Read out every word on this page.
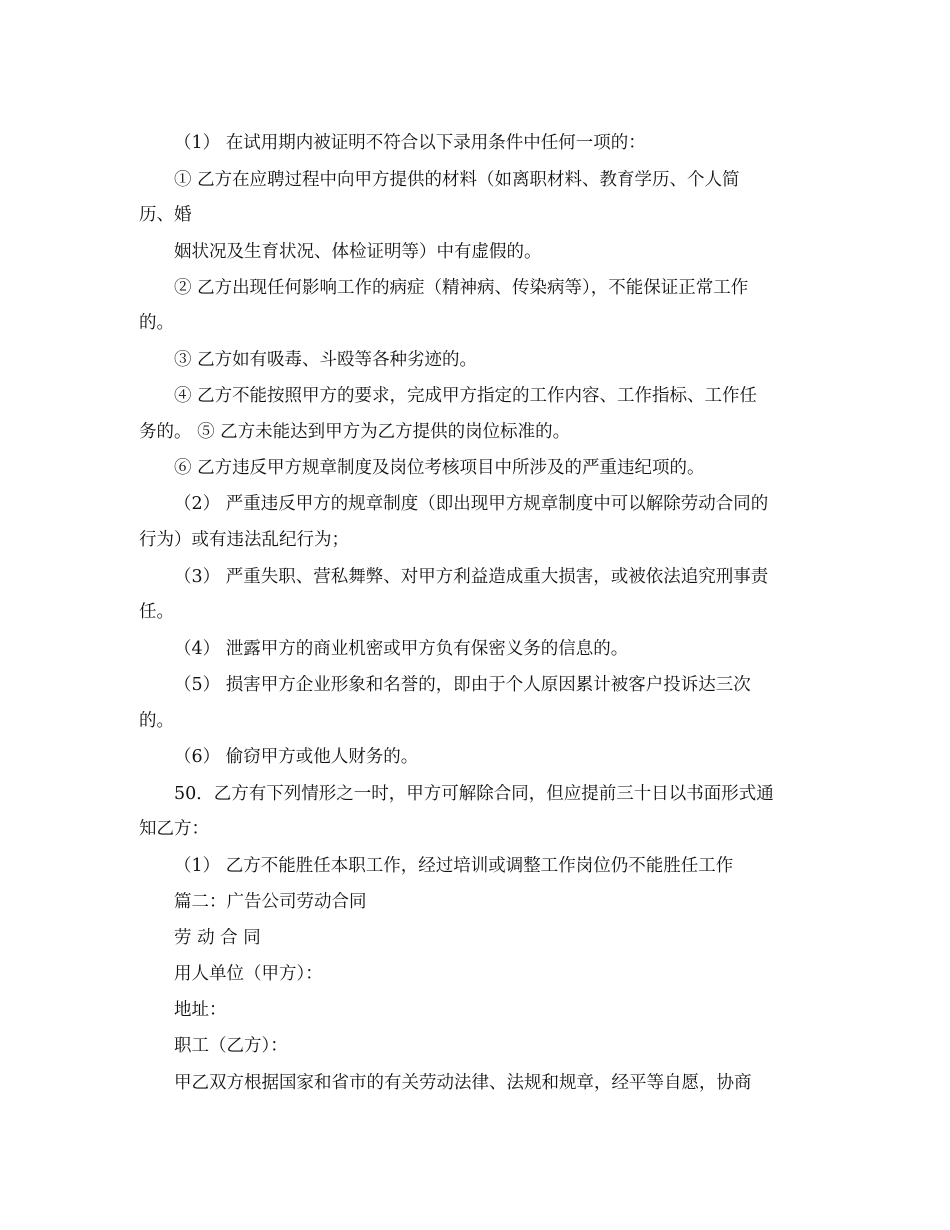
（1） 在试用期内被证明不符合以下录用条件中任何一项的：
① 乙方在应聘过程中向甲方提供的材料（如离职材料、教育学历、个人简
历、婚
姻状况及生育状况、体检证明等）中有虚假的。
② 乙方出现任何影响工作的病症（精神病、传染病等），不能保证正常工作
的。
③ 乙方如有吸毒、斗殴等各种劣迹的。
④ 乙方不能按照甲方的要求，完成甲方指定的工作内容、工作指标、工作任
务的。 ⑤ 乙方未能达到甲方为乙方提供的岗位标准的。
⑥ 乙方违反甲方规章制度及岗位考核项目中所涉及的严重违纪项的。
（2） 严重违反甲方的规章制度（即出现甲方规章制度中可以解除劳动合同的
行为）或有违法乱纪行为；
（3） 严重失职、营私舞弊、对甲方利益造成重大损害，或被依法追究刑事责
任。
（4） 泄露甲方的商业机密或甲方负有保密义务的信息的。
（5） 损害甲方企业形象和名誉的，即由于个人原因累计被客户投诉达三次
的。
（6） 偷窃甲方或他人财务的。
50．乙方有下列情形之一时，甲方可解除合同，但应提前三十日以书面形式通
知乙方：
（1） 乙方不能胜任本职工作，经过培训或调整工作岗位仍不能胜任工作
篇二：广告公司劳动合同
劳 动 合 同
用人单位（甲方）：
地址：
职工（乙方）：
甲乙双方根据国家和省市的有关劳动法律、法规和规章，经平等自愿，协商
